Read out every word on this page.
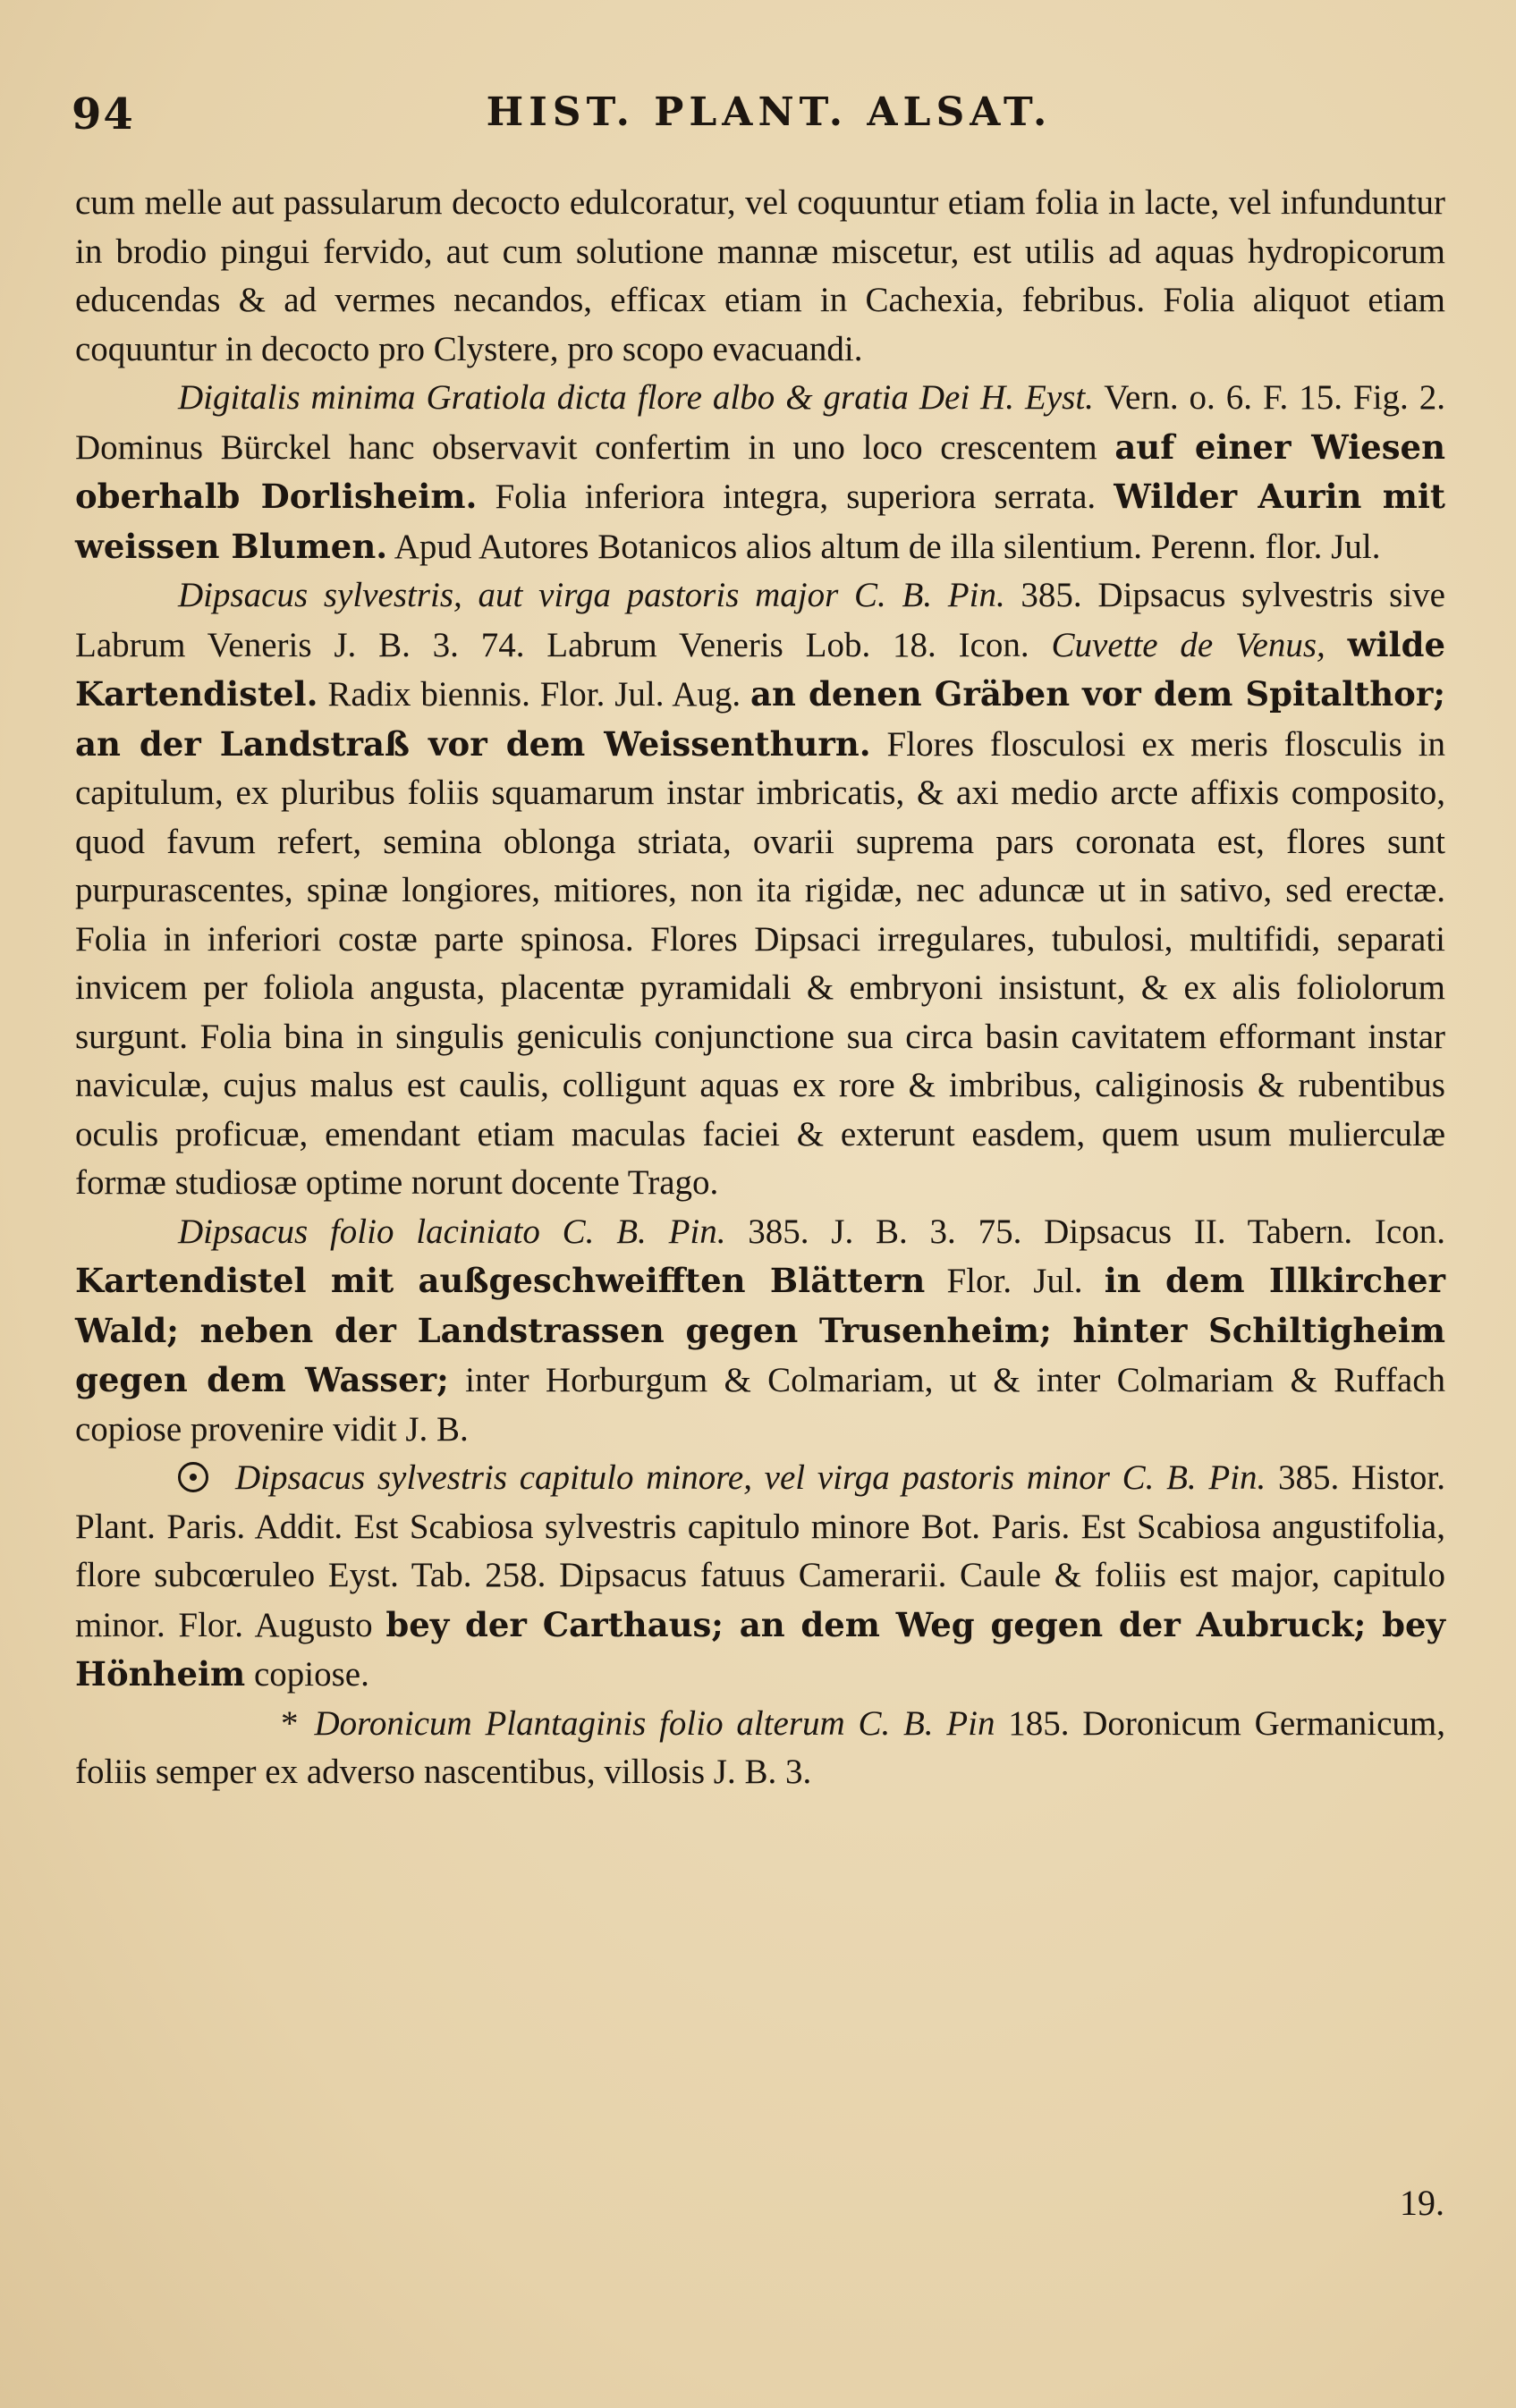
94	HIST. PLANT. ALSAT.

cum melle aut passularum decocto edulcoratur, vel coquuntur etiam folia in lacte, vel infunduntur in brodio pingui fervido, aut cum solutione mannæ miscetur, est utilis ad aquas hydropicorum educendas & ad vermes necandos, efficax etiam in Cachexia, febribus. Folia aliquot etiam coquuntur in decocto pro Clystere, pro scopo evacuandi.

Digitalis minima Gratiola dicta flore albo & gratia Dei H. Eyst. Vern. o. 6. F. 15. Fig. 2. Dominus Bürckel hanc observavit confertim in uno loco crescentem auf einer Wiesen oberhalb Dorlisheim. Folia inferiora integra, superiora serrata. Wilder Aurin mit weissen Blumen. Apud Autores Botanicos alios altum de illa silentium. Perenn. flor. Jul.

Dipsacus sylvestris, aut virga pastoris major C. B. Pin. 385. Dipsacus sylvestris sive Labrum Veneris J. B. 3. 74. Labrum Veneris Lob. 18. Icon. Cuvette de Venus, wilde Kartendistel. Radix biennis. Flor. Jul. Aug. an denen Gräben vor dem Spitalthor; an der Landstraß vor dem Weissenthurn. Flores flosculosi ex meris flosculis in capitulum, ex pluribus foliis squamarum instar imbricatis, & axi medio arcte affixis composito, quod favum refert, semina oblonga striata, ovarii suprema pars coronata est, flores sunt purpurascentes, spinæ longiores, mitiores, non ita rigidæ, nec aduncæ ut in sativo, sed erectæ. Folia in inferiori costæ parte spinosa. Flores Dipsaci irregulares, tubulosi, multifidi, separati invicem per foliola angusta, placentæ pyramidali & embryoni insistunt, & ex alis foliolorum surgunt. Folia bina in singulis geniculis conjunctione sua circa basin cavitatem efformant instar naviculæ, cujus malus est caulis, colligunt aquas ex rore & imbribus, caliginosis & rubentibus oculis proficuæ, emendant etiam maculas faciei & exterunt easdem, quem usum mulierculæ formæ studiosæ optime norunt docente Trago.

Dipsacus folio laciniato C. B. Pin. 385. J. B. 3. 75. Dipsacus II. Tabern. Icon. Kartendistel mit außgeschweifften Blättern Flor. Jul. in dem Illkircher Wald; neben der Landstrassen gegen Trusenheim; hinter Schiltigheim gegen dem Wasser; inter Horburgum & Colmariam, ut & inter Colmariam & Ruffach copiose provenire vidit J. B.

Dipsacus sylvestris capitulo minore, vel virga pastoris minor C. B. Pin. 385. Histor. Plant. Paris. Addit. Est Scabiosa sylvestris capitulo minore Bot. Paris. Est Scabiosa angustifolia, flore subcœruleo Eyst. Tab. 258. Dipsacus fatuus Camerarii. Caule & foliis est major, capitulo minor. Flor. Augusto bey der Carthaus; an dem Weg gegen der Aubruck; bey Hönheim copiose.

* Doronicum Plantaginis folio alterum C. B. Pin 185. Doronicum Germanicum, foliis semper ex adverso nascentibus, villosis J. B. 3.

19.
